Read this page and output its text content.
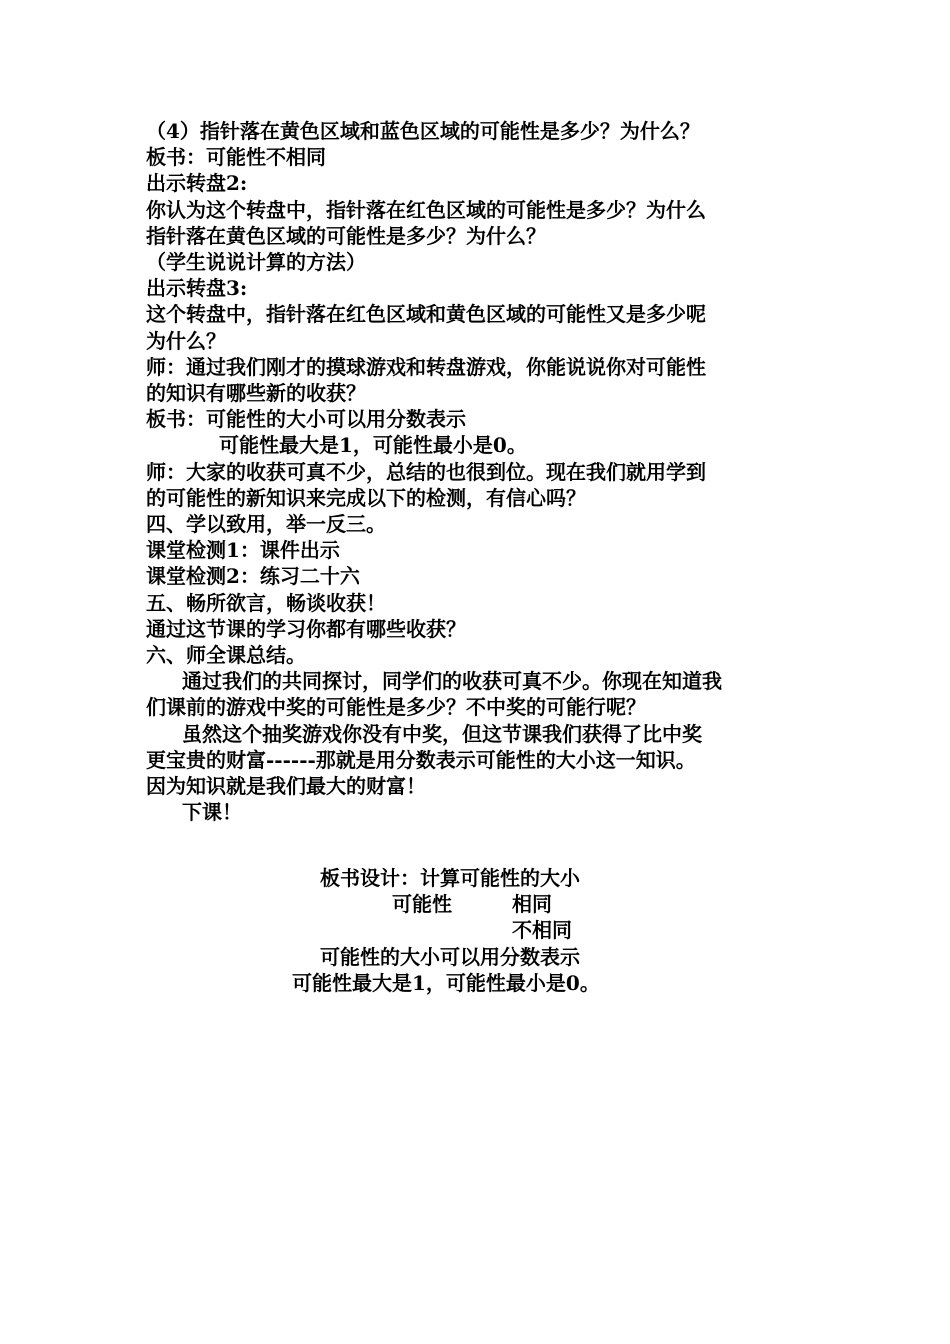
（4）指针落在黄色区域和蓝色区域的可能性是多少？为什么？
板书：可能性不相同
出示转盘2:
你认为这个转盘中，指针落在红色区域的可能性是多少？为什么
指针落在黄色区域的可能性是多少？为什么？
（学生说说计算的方法）
出示转盘3:
这个转盘中，指针落在红色区域和黄色区域的可能性又是多少呢
为什么？
师：通过我们刚才的摸球游戏和转盘游戏，你能说说你对可能性
的知识有哪些新的收获？
板书：可能性的大小可以用分数表示
可能性最大是1，可能性最小是0。
师：大家的收获可真不少，总结的也很到位。现在我们就用学到
的可能性的新知识来完成以下的检测，有信心吗？
四、学以致用，举一反三。
课堂检测1：课件出示
课堂检测2：练习二十六
五、畅所欲言，畅谈收获！
通过这节课的学习你都有哪些收获？
六、师全课总结。
通过我们的共同探讨，同学们的收获可真不少。你现在知道我
们课前的游戏中奖的可能性是多少？不中奖的可能行呢？
虽然这个抽奖游戏你没有中奖，但这节课我们获得了比中奖
更宝贵的财富------那就是用分数表示可能性的大小这一知识。
因为知识就是我们最大的财富！
下课！
板书设计：计算可能性的大小
可能性	相同
不相同
可能性的大小可以用分数表示
可能性最大是1，可能性最小是0。
